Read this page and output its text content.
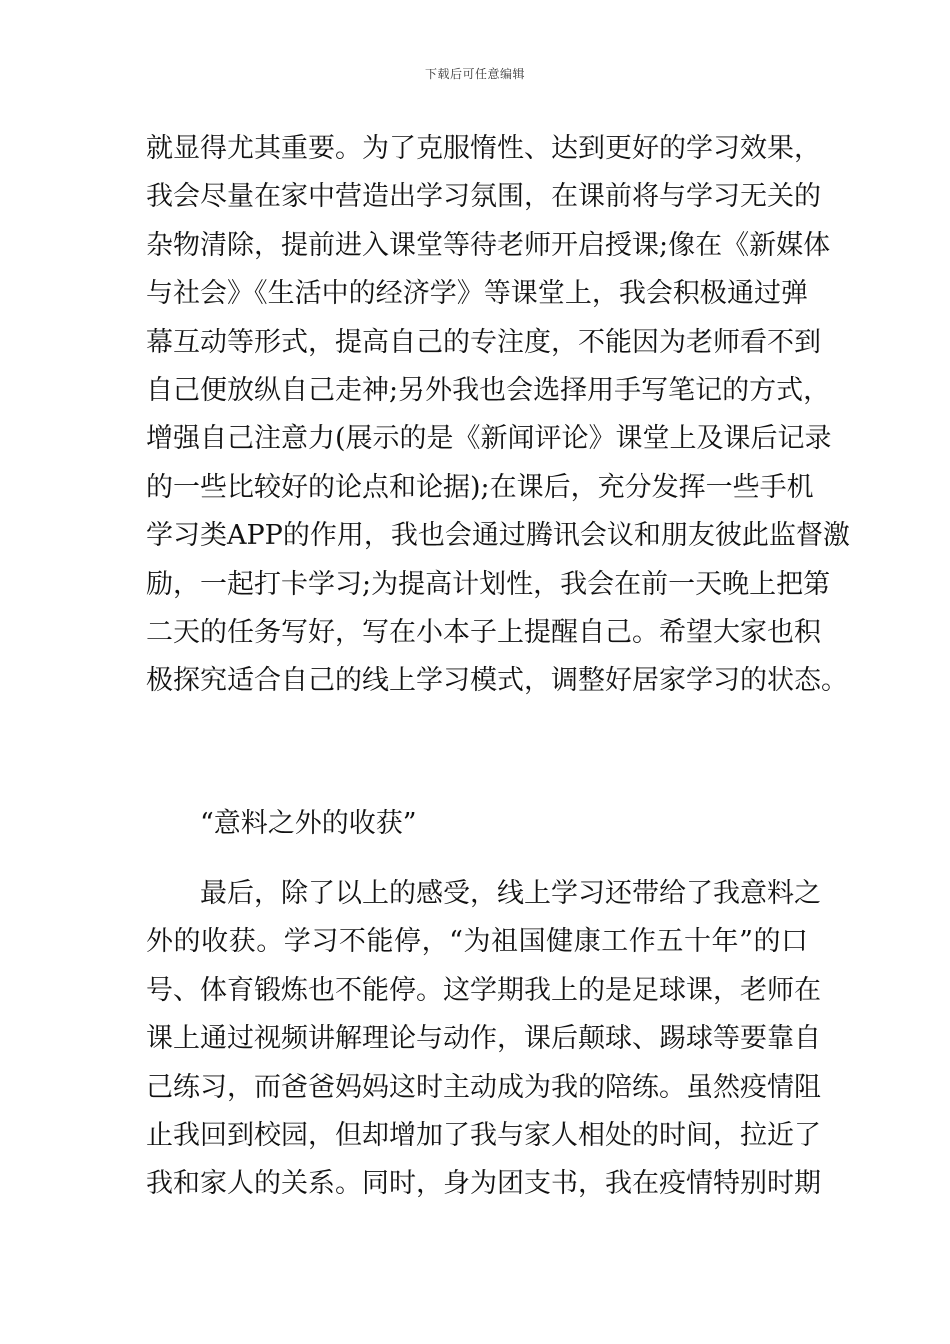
下载后可任意编辑
就显得尤其重要。为了克服惰性、达到更好的学习效果，
我会尽量在家中营造出学习氛围，在课前将与学习无关的
杂物清除，提前进入课堂等待老师开启授课;像在《新媒体
与社会》《生活中的经济学》等课堂上，我会积极通过弹
幕互动等形式，提高自己的专注度，不能因为老师看不到
自己便放纵自己走神;另外我也会选择用手写笔记的方式，
增强自己注意力(展示的是《新闻评论》课堂上及课后记录
的一些比较好的论点和论据);在课后，充分发挥一些手机
学习类APP的作用，我也会通过腾讯会议和朋友彼此监督激
励，一起打卡学习;为提高计划性，我会在前一天晚上把第
二天的任务写好，写在小本子上提醒自己。希望大家也积
极探究适合自己的线上学习模式，调整好居家学习的状态。
“意料之外的收获”
最后，除了以上的感受，线上学习还带给了我意料之
外的收获。学习不能停，“为祖国健康工作五十年”的口
号、体育锻炼也不能停。这学期我上的是足球课，老师在
课上通过视频讲解理论与动作，课后颠球、踢球等要靠自
己练习，而爸爸妈妈这时主动成为我的陪练。虽然疫情阻
止我回到校园，但却增加了我与家人相处的时间，拉近了
我和家人的关系。同时，身为团支书，我在疫情特别时期
